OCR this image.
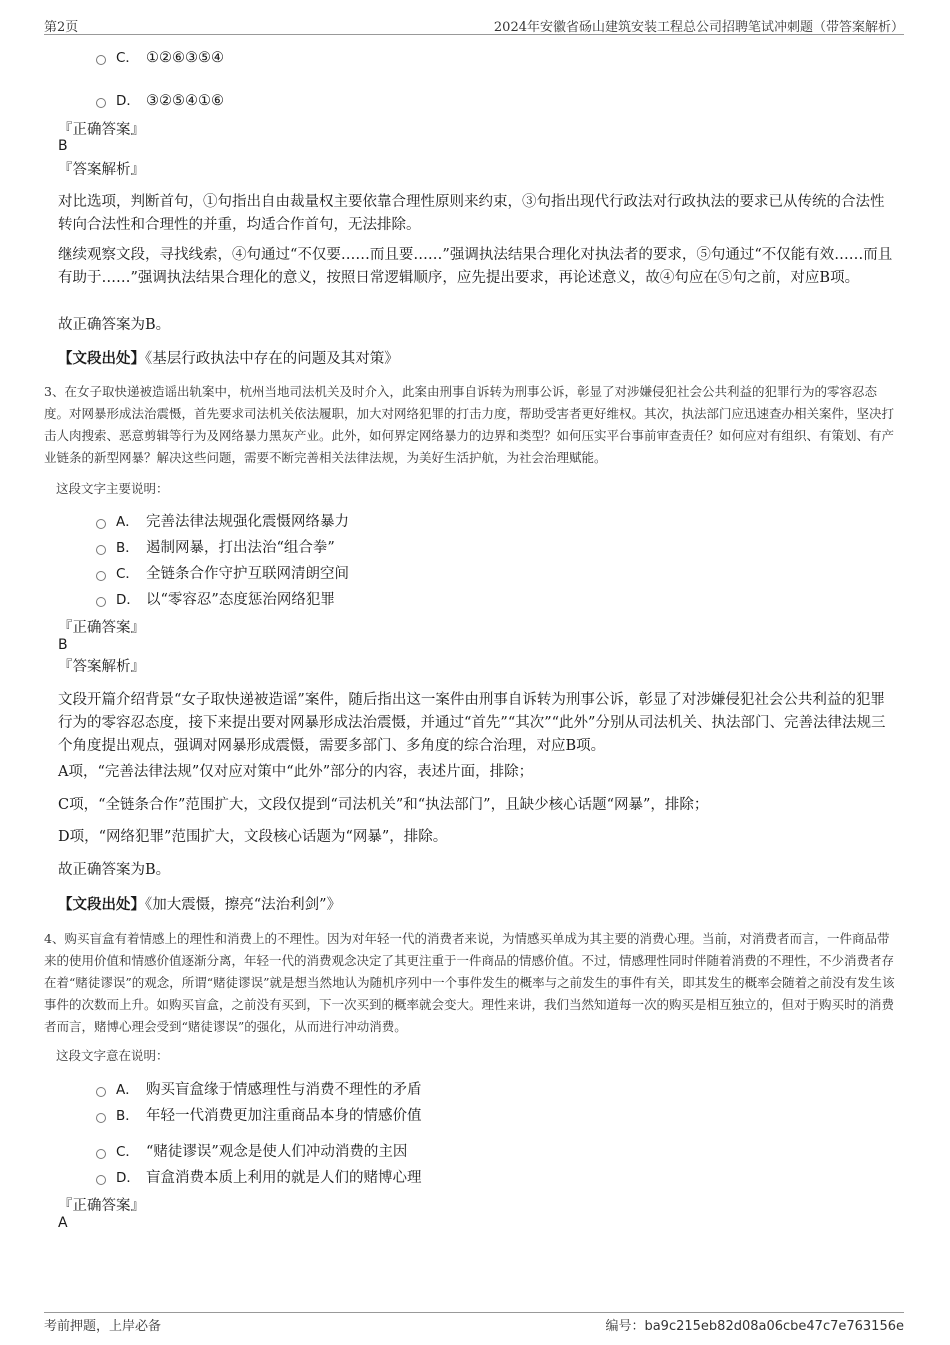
第2页	2024年安徽省砀山建筑安装工程总公司招聘笔试冲刺题（带答案解析）
C． ①②⑥③⑤④
D． ③②⑤④①⑥
『正确答案』
B
『答案解析』

对比选项，判断首句，①句指出自由裁量权主要依靠合理性原则来约束，③句指出现代行政法对行政执法的要求已从传统的合法性转向合法性和合理性的并重，均适合作首句，无法排除。

继续观察文段，寻找线索，④句通过“不仅要……而且要……”强调执法结果合理化对执法者的要求，⑤句通过“不仅能有效……而且有助于……”强调执法结果合理化的意义，按照日常逻辑顺序，应先提出要求，再论述意义，故④句应在⑤句之前，对应B项。

故正确答案为B。

【文段出处】《基层行政执法中存在的问题及其对策》

3、在女子取快递被造谣出轨案中，杭州当地司法机关及时介入，此案由刑事自诉转为刑事公诉，彰显了对涉嫌侵犯社会公共利益的犯罪行为的零容忍态度。对网暴形成法治震慑，首先要求司法机关依法履职，加大对网络犯罪的打击力度，帮助受害者更好维权。其次，执法部门应迅速查办相关案件，坚决打击人肉搜索、恶意剪辑等行为及网络暴力黑灰产业。此外，如何界定网络暴力的边界和类型？如何压实平台事前审查责任？如何应对有组织、有策划、有产业链条的新型网暴？解决这些问题，需要不断完善相关法律法规，为美好生活护航，为社会治理赋能。

这段文字主要说明：
A． 完善法律法规强化震慑网络暴力
B． 遏制网暴，打出法治“组合拳”
C． 全链条合作守护互联网清朗空间
D． 以“零容忍”态度惩治网络犯罪
『正确答案』
B
『答案解析』

文段开篇介绍背景“女子取快递被造谣”案件，随后指出这一案件由刑事自诉转为刑事公诉，彰显了对涉嫌侵犯社会公共利益的犯罪行为的零容忍态度，接下来提出要对网暴形成法治震慑，并通过“首先”“其次”“此外”分别从司法机关、执法部门、完善法律法规三个角度提出观点，强调对网暴形成震慑，需要多部门、多角度的综合治理，对应B项。

A项，“完善法律法规”仅对应对策中“此外”部分的内容，表述片面，排除；

C项，“全链条合作”范围扩大，文段仅提到“司法机关”和“执法部门”，且缺少核心话题“网暴”，排除；

D项，“网络犯罪”范围扩大，文段核心话题为“网暴”，排除。

故正确答案为B。

【文段出处】《加大震慑，擦亮“法治利剑”》

4、购买盲盒有着情感上的理性和消费上的不理性。因为对年轻一代的消费者来说，为情感买单成为其主要的消费心理。当前，对消费者而言，一件商品带来的使用价值和情感价值逐渐分离，年轻一代的消费观念决定了其更注重于一件商品的情感价值。不过，情感理性同时伴随着消费的不理性，不少消费者存在着“赌徒谬误”的观念，所谓“赌徒谬误”就是想当然地认为随机序列中一个事件发生的概率与之前发生的事件有关，即其发生的概率会随着之前没有发生该事件的次数而上升。如购买盲盒，之前没有买到，下一次买到的概率就会变大。理性来讲，我们当然知道每一次的购买是相互独立的，但对于购买时的消费者而言，赌博心理会受到“赌徒谬误”的强化，从而进行冲动消费。

这段文字意在说明：
A． 购买盲盒缘于情感理性与消费不理性的矛盾
B． 年轻一代消费更加注重商品本身的情感价值
C． “赌徒谬误”观念是使人们冲动消费的主因
D． 盲盒消费本质上利用的就是人们的赌博心理
『正确答案』
A
考前押题，上岸必备	编号：ba9c215eb82d08a06cbe47c7e763156e
